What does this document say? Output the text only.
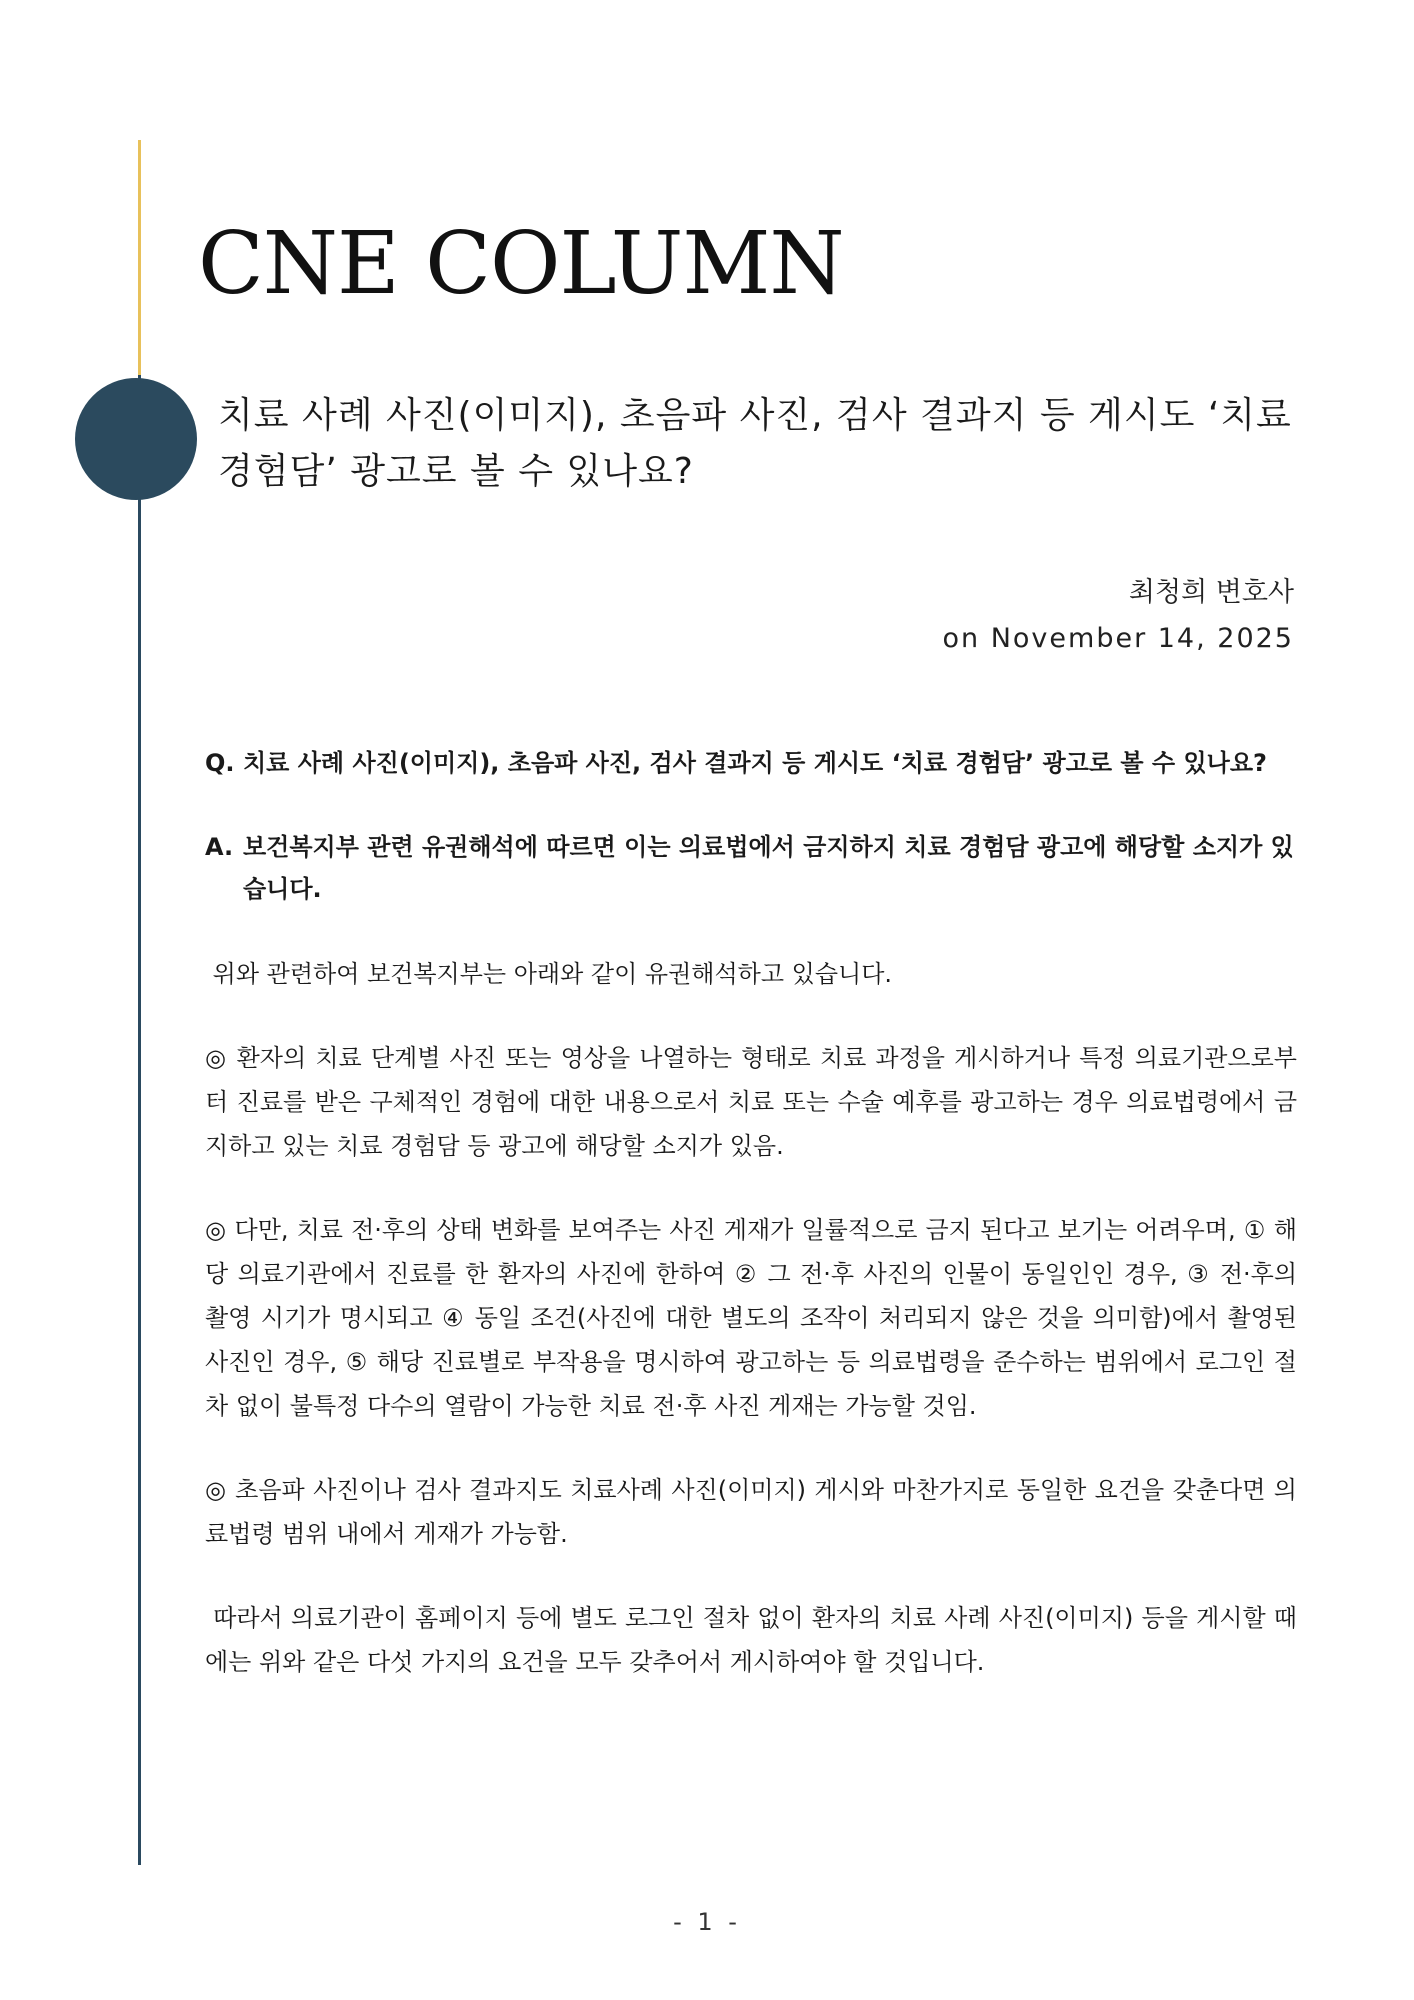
CNE COLUMN
치료 사례 사진(이미지), 초음파 사진, 검사 결과지 등 게시도 ‘치료 경험담’ 광고로 볼 수 있나요?
최청희 변호사
on November 14, 2025
Q. 치료 사례 사진(이미지), 초음파 사진, 검사 결과지 등 게시도 ‘치료 경험담’ 광고로 볼 수 있나요?
A. 보건복지부 관련 유권해석에 따르면 이는 의료법에서 금지하지 치료 경험담 광고에 해당할 소지가 있습니다.

위와 관련하여 보건복지부는 아래와 같이 유권해석하고 있습니다.

◎ 환자의 치료 단계별 사진 또는 영상을 나열하는 형태로 치료 과정을 게시하거나 특정 의료기관으로부터 진료를 받은 구체적인 경험에 대한 내용으로서 치료 또는 수술 예후를 광고하는 경우 의료법령에서 금지하고 있는 치료 경험담 등 광고에 해당할 소지가 있음.

◎ 다만, 치료 전·후의 상태 변화를 보여주는 사진 게재가 일률적으로 금지 된다고 보기는 어려우며, ① 해당 의료기관에서 진료를 한 환자의 사진에 한하여 ② 그 전·후 사진의 인물이 동일인인 경우, ③ 전·후의 촬영 시기가 명시되고 ④ 동일 조건(사진에 대한 별도의 조작이 처리되지 않은 것을 의미함)에서 촬영된 사진인 경우, ⑤ 해당 진료별로 부작용을 명시하여 광고하는 등 의료법령을 준수하는 범위에서 로그인 절차 없이 불특정 다수의 열람이 가능한 치료 전·후 사진 게재는 가능할 것임.

◎ 초음파 사진이나 검사 결과지도 치료사례 사진(이미지) 게시와 마찬가지로 동일한 요건을 갖춘다면 의료법령 범위 내에서 게재가 가능함.

따라서 의료기관이 홈페이지 등에 별도 로그인 절차 없이 환자의 치료 사례 사진(이미지) 등을 게시할 때에는 위와 같은 다섯 가지의 요건을 모두 갖추어서 게시하여야 할 것입니다.

- 1 -
